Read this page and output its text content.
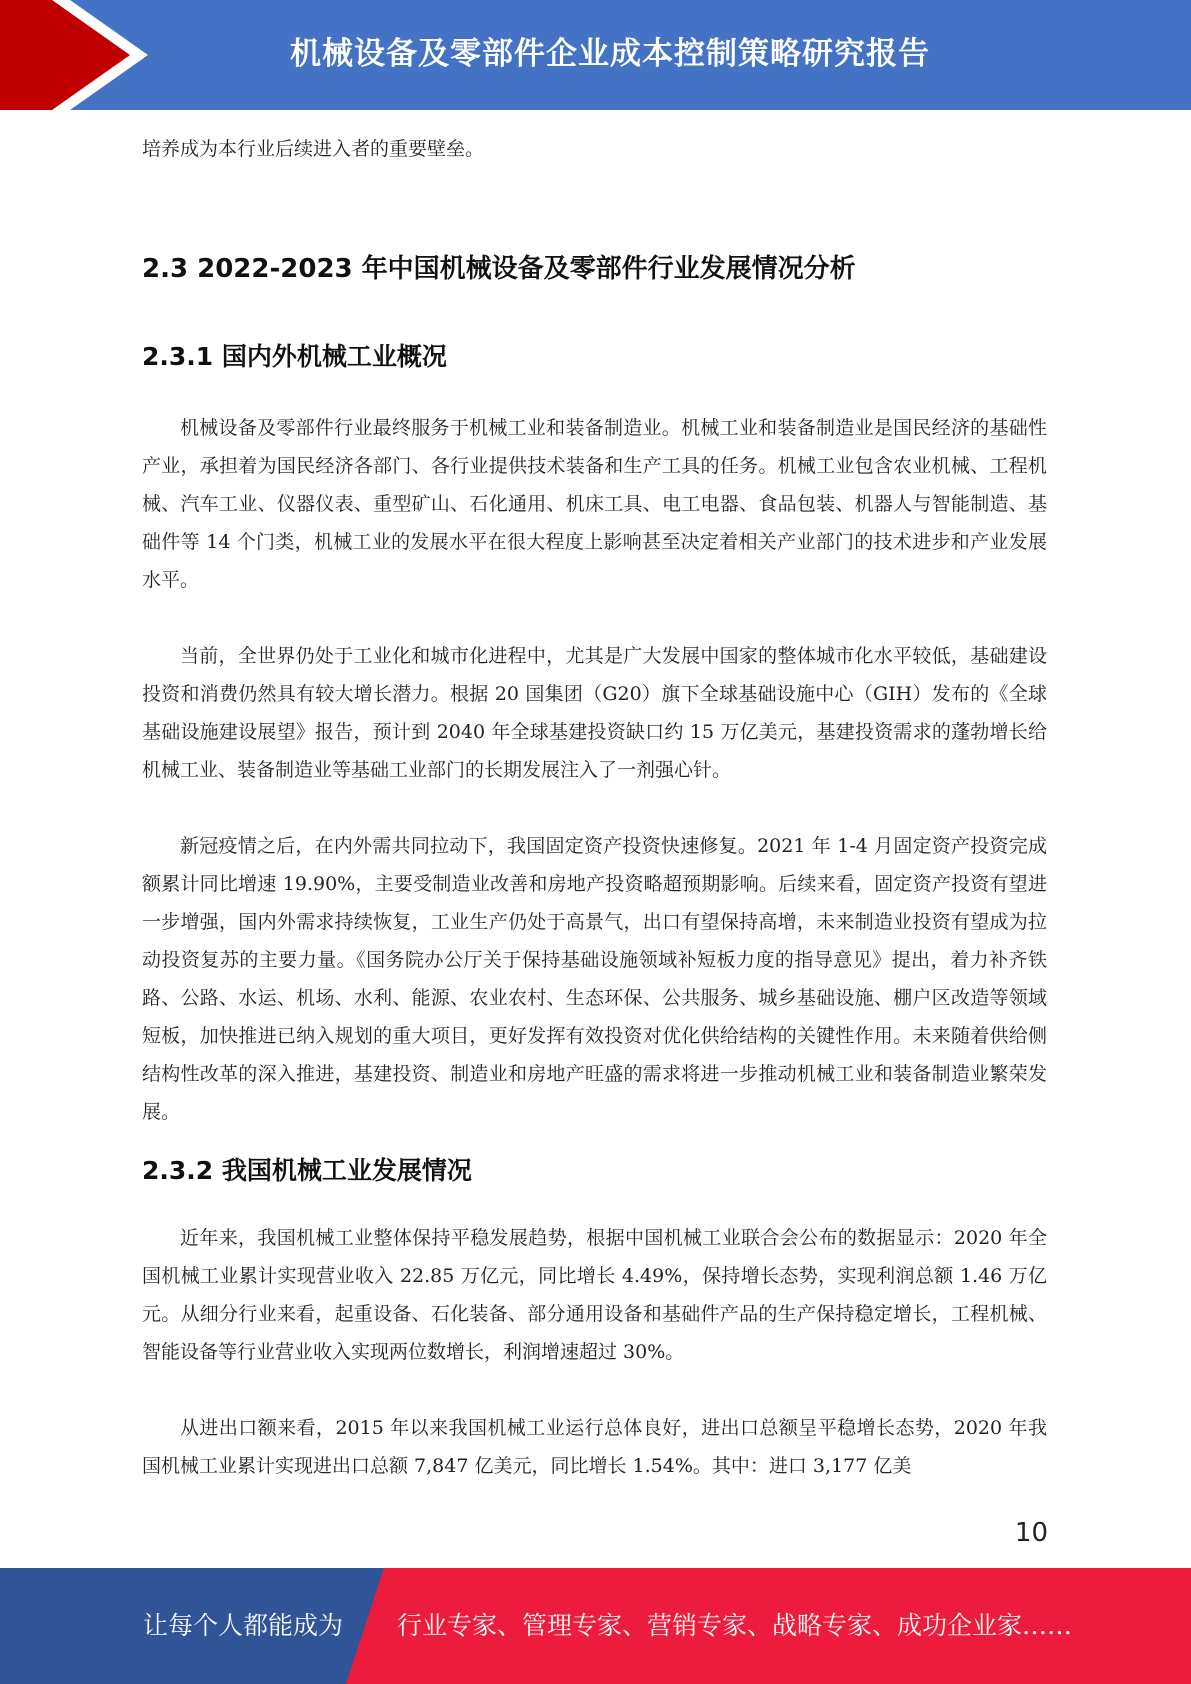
机械设备及零部件企业成本控制策略研究报告

培养成为本行业后续进入者的重要壁垒。

2.3 2022-2023 年中国机械设备及零部件行业发展情况分析
2.3.1 国内外机械工业概况

机械设备及零部件行业最终服务于机械工业和装备制造业。机械工业和装备制造业是国民经济的基础性产业，承担着为国民经济各部门、各行业提供技术装备和生产工具的任务。机械工业包含农业机械、工程机械、汽车工业、仪器仪表、重型矿山、石化通用、机床工具、电工电器、食品包装、机器人与智能制造、基础件等 14 个门类，机械工业的发展水平在很大程度上影响甚至决定着相关产业部门的技术进步和产业发展水平。

当前，全世界仍处于工业化和城市化进程中，尤其是广大发展中国家的整体城市化水平较低，基础建设投资和消费仍然具有较大增长潜力。根据 20 国集团（G20）旗下全球基础设施中心（GIH）发布的《全球基础设施建设展望》报告，预计到 2040 年全球基建投资缺口约 15 万亿美元，基建投资需求的蓬勃增长给机械工业、装备制造业等基础工业部门的长期发展注入了一剂强心针。

新冠疫情之后，在内外需共同拉动下，我国固定资产投资快速修复。2021 年 1-4 月固定资产投资完成额累计同比增速 19.90%，主要受制造业改善和房地产投资略超预期影响。后续来看，固定资产投资有望进一步增强，国内外需求持续恢复，工业生产仍处于高景气，出口有望保持高增，未来制造业投资有望成为拉动投资复苏的主要力量。《国务院办公厅关于保持基础设施领域补短板力度的指导意见》提出，着力补齐铁路、公路、水运、机场、水利、能源、农业农村、生态环保、公共服务、城乡基础设施、棚户区改造等领域短板，加快推进已纳入规划的重大项目，更好发挥有效投资对优化供给结构的关键性作用。未来随着供给侧结构性改革的深入推进，基建投资、制造业和房地产旺盛的需求将进一步推动机械工业和装备制造业繁荣发展。

2.3.2 我国机械工业发展情况

近年来，我国机械工业整体保持平稳发展趋势，根据中国机械工业联合会公布的数据显示：2020 年全国机械工业累计实现营业收入 22.85 万亿元，同比增长 4.49%，保持增长态势，实现利润总额 1.46 万亿元。从细分行业来看，起重设备、石化装备、部分通用设备和基础件产品的生产保持稳定增长，工程机械、智能设备等行业营业收入实现两位数增长，利润增速超过 30%。

从进出口额来看，2015 年以来我国机械工业运行总体良好，进出口总额呈平稳增长态势，2020 年我国机械工业累计实现进出口总额 7,847 亿美元，同比增长 1.54%。其中：进口 3,177 亿美

10
让每个人都能成为 行业专家、管理专家、营销专家、战略专家、成功企业家……
